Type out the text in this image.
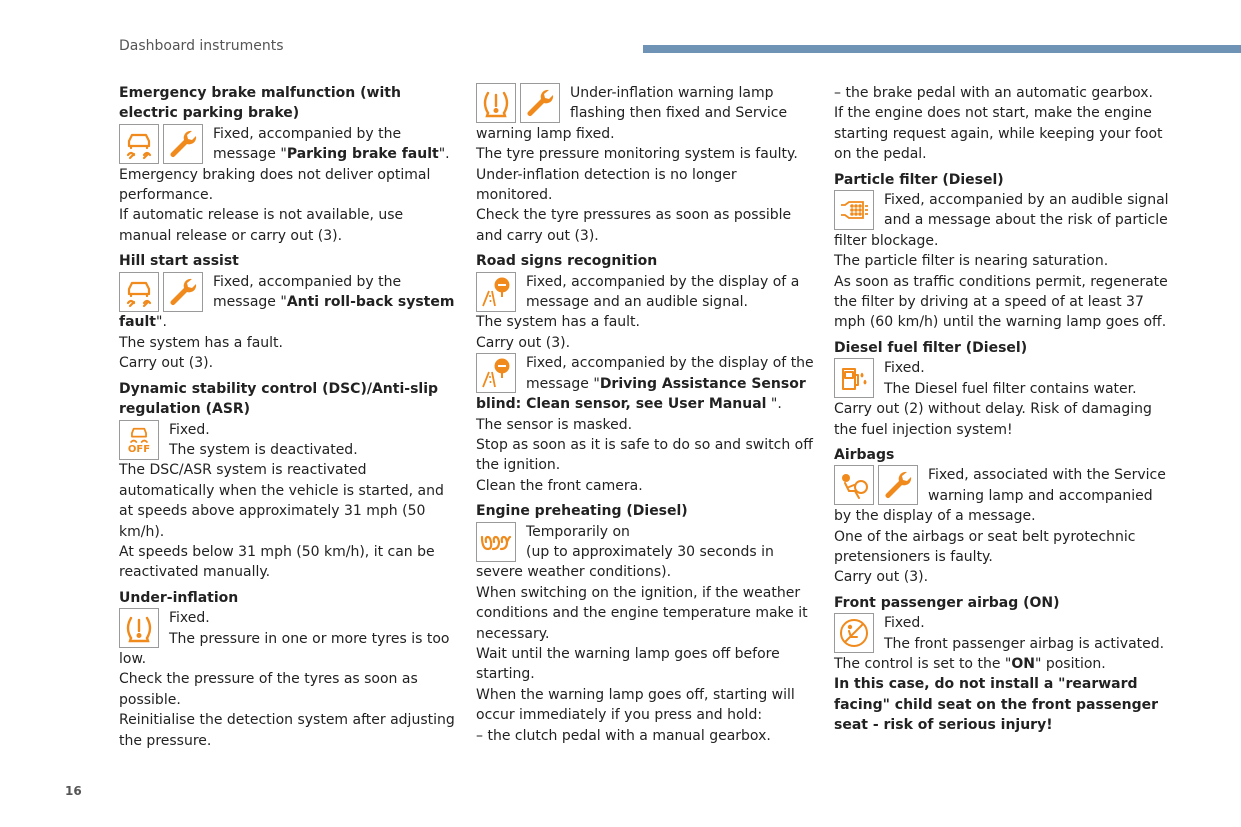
Dashboard instruments
Emergency brake malfunction (with electric parking brake)

Fixed, accompanied by the message "Parking brake fault".

Emergency braking does not deliver optimal performance.

If automatic release is not available, use manual release or carry out (3).

Hill start assist

Fixed, accompanied by the message "Anti roll-back system fault".

The system has a fault.

Carry out (3).

Dynamic stability control (DSC)/Anti-slip regulation (ASR)
OFF

Fixed.

The system is deactivated.

The DSC/ASR system is reactivated automatically when the vehicle is started, and at speeds above approximately 31 mph (50 km/h).

At speeds below 31 mph (50 km/h), it can be reactivated manually.

Under-inflation

Fixed.

The pressure in one or more tyres is too low.

Check the pressure of the tyres as soon as possible.

Reinitialise the detection system after adjusting the pressure.

Under-inflation warning lamp flashing then fixed and Service warning lamp fixed.

The tyre pressure monitoring system is faulty.

Under-inflation detection is no longer monitored.

Check the tyre pressures as soon as possible and carry out (3).

Road signs recognition

Fixed, accompanied by the display of a message and an audible signal.

The system has a fault.

Carry out (3).

Fixed, accompanied by the display of the message "Driving Assistance Sensor blind: Clean sensor, see User Manual ".

The sensor is masked.

Stop as soon as it is safe to do so and switch off the ignition.

Clean the front camera.

Engine preheating (Diesel)

Temporarily on

(up to approximately 30 seconds in severe weather conditions).

When switching on the ignition, if the weather conditions and the engine temperature make it necessary.

Wait until the warning lamp goes off before starting.

When the warning lamp goes off, starting will occur immediately if you press and hold:

– the clutch pedal with a manual gearbox.

– the brake pedal with an automatic gearbox.

If the engine does not start, make the engine starting request again, while keeping your foot on the pedal.

Particle filter (Diesel)

Fixed, accompanied by an audible signal and a message about the risk of particle filter blockage.

The particle filter is nearing saturation.

As soon as traffic conditions permit, regenerate the filter by driving at a speed of at least 37 mph (60 km/h) until the warning lamp goes off.

Diesel fuel filter (Diesel)

Fixed.

The Diesel fuel filter contains water.

Carry out (2) without delay. Risk of damaging the fuel injection system!

Airbags

Fixed, associated with the Service warning lamp and accompanied by the display of a message.

One of the airbags or seat belt pyrotechnic pretensioners is faulty.

Carry out (3).

Front passenger airbag (ON)

Fixed.

The front passenger airbag is activated.

The control is set to the "ON" position.

In this case, do not install a "rearward facing" child seat on the front passenger seat - risk of serious injury!

16
